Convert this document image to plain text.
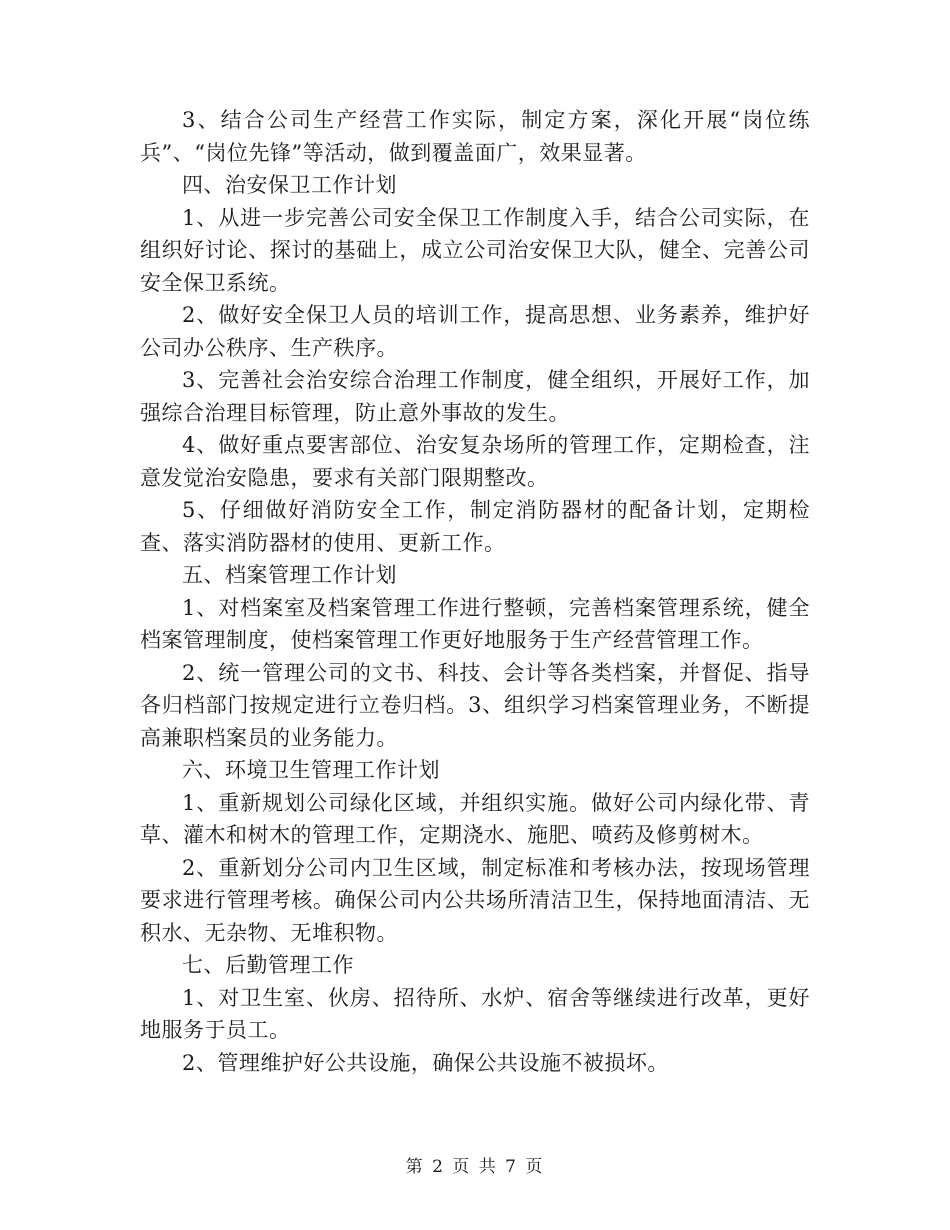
3、结合公司生产经营工作实际，制定方案，深化开展“岗位练兵”、“岗位先锋”等活动，做到覆盖面广，效果显著。

四、治安保卫工作计划

1、从进一步完善公司安全保卫工作制度入手，结合公司实际，在组织好讨论、探讨的基础上，成立公司治安保卫大队，健全、完善公司安全保卫系统。

2、做好安全保卫人员的培训工作，提高思想、业务素养，维护好公司办公秩序、生产秩序。

3、完善社会治安综合治理工作制度，健全组织，开展好工作，加强综合治理目标管理，防止意外事故的发生。

4、做好重点要害部位、治安复杂场所的管理工作，定期检查，注意发觉治安隐患，要求有关部门限期整改。

5、仔细做好消防安全工作，制定消防器材的配备计划，定期检查、落实消防器材的使用、更新工作。

五、档案管理工作计划

1、对档案室及档案管理工作进行整顿，完善档案管理系统，健全档案管理制度，使档案管理工作更好地服务于生产经营管理工作。

2、统一管理公司的文书、科技、会计等各类档案，并督促、指导各归档部门按规定进行立卷归档。3、组织学习档案管理业务，不断提高兼职档案员的业务能力。

六、环境卫生管理工作计划

1、重新规划公司绿化区域，并组织实施。做好公司内绿化带、青草、灌木和树木的管理工作，定期浇水、施肥、喷药及修剪树木。

2、重新划分公司内卫生区域，制定标准和考核办法，按现场管理要求进行管理考核。确保公司内公共场所清洁卫生，保持地面清洁、无积水、无杂物、无堆积物。

七、后勤管理工作

1、对卫生室、伙房、招待所、水炉、宿舍等继续进行改革，更好地服务于员工。

2、管理维护好公共设施，确保公共设施不被损坏。

第 2 页 共 7 页
